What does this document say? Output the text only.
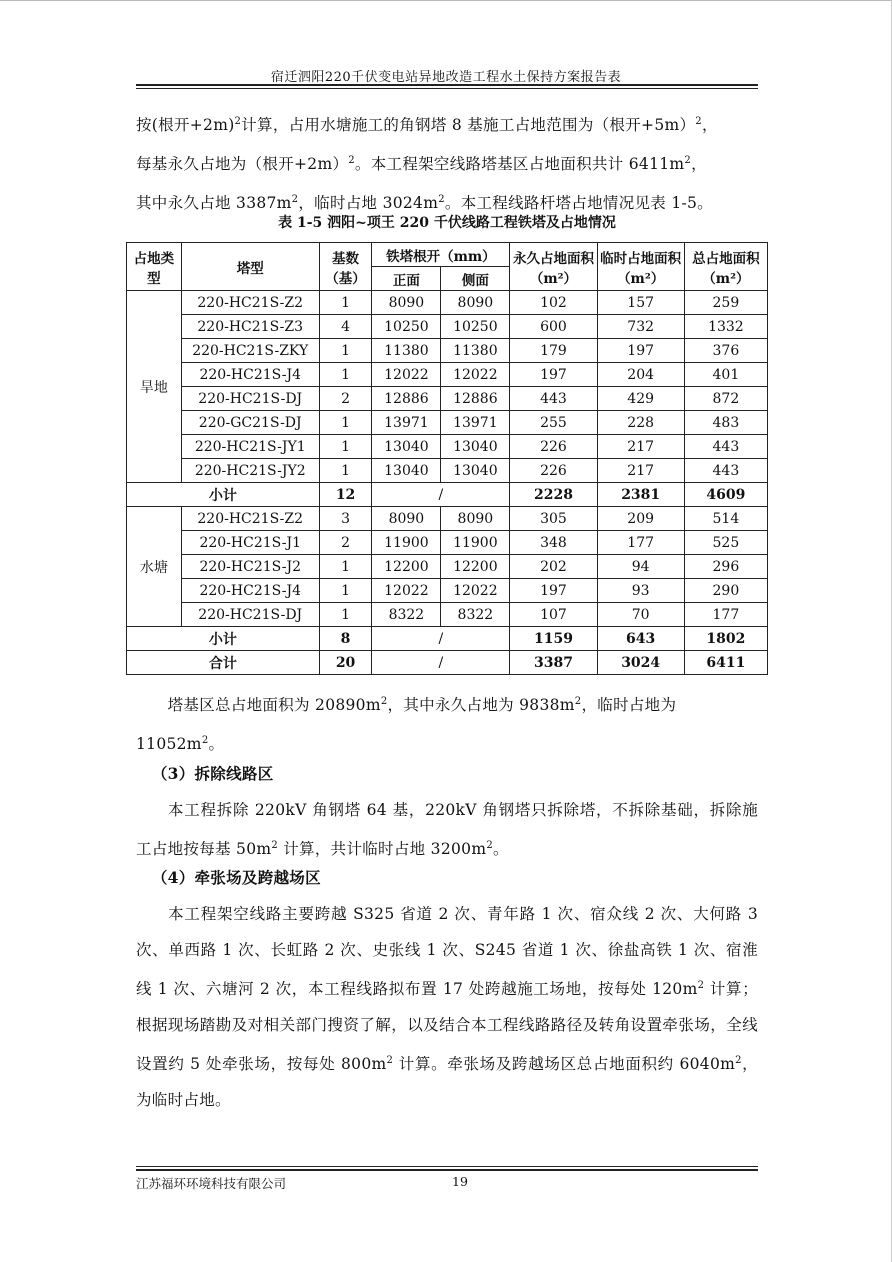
宿迁泗阳220千伏变电站异地改造工程水土保持方案报告表

按(根开+2m)$^2$计算，占用水塘施工的角钢塔 8 基施工占地范围为（根开+5m）$^2$，
每基永久占地为（根开+2m）$^2$。本工程架空线路塔基区占地面积共计 $6411m^2$，
其中永久占地 $3387m^2$，临时占地 $3024m^2$。本工程线路杆塔占地情况见表 1-5。

表 1-5 泗阳~项王 220 千伏线路工程铁塔及占地情况
占地类型	塔型	基数（基）	铁塔根开（mm）		永久占地面积（m²）	临时占地面积（m²）	总占地面积（m²）
			正面	侧面			
旱地	220-HC21S-Z2	1	8090	8090	102	157	259
	220-HC21S-Z3	4	10250	10250	600	732	1332
	220-HC21S-ZKY	1	11380	11380	179	197	376
	220-HC21S-J4	1	12022	12022	197	204	401
	220-HC21S-DJ	2	12886	12886	443	429	872
	220-GC21S-DJ	1	13971	13971	255	228	483
	220-HC21S-JY1	1	13040	13040	226	217	443
	220-HC21S-JY2	1	13040	13040	226	217	443
小计		12	/		2228	2381	4609
水塘	220-HC21S-Z2	3	8090	8090	305	209	514
	220-HC21S-J1	2	11900	11900	348	177	525
	220-HC21S-J2	1	12200	12200	202	94	296
	220-HC21S-J4	1	12022	12022	197	93	290
	220-HC21S-DJ	1	8322	8322	107	70	177
小计		8	/		1159	643	1802
合计		20	/		3387	3024	6411

  塔基区总占地面积为 $20890m^2$，其中永久占地为 $9838m^2$，临时占地为
$11052m^2$。

 （3）拆除线路区
  本工程拆除 220kV 角钢塔 64 基，220kV 角钢塔只拆除塔，不拆除基础，拆除施工占地按每基 $50m^2$ 计算，共计临时占地 $3200m^2$。

 （4）牵张场及跨越场区
  本工程架空线路主要跨越 S325 省道 2 次、青年路 1 次、宿众线 2 次、大何路 3 次、单西路 1 次、长虹路 2 次、史张线 1 次、S245 省道 1 次、徐盐高铁 1 次、宿淮线 1 次、六塘河 2 次，本工程线路拟布置 17 处跨越施工场地，按每处 $120m^2$ 计算；根据现场踏勘及对相关部门搜资了解，以及结合本工程线路路径及转角设置牵张场，全线设置约 5 处牵张场，按每处 $800m^2$ 计算。牵张场及跨越场区总占地面积约 $6040m^2$，为临时占地。

江苏福环环境科技有限公司	19
